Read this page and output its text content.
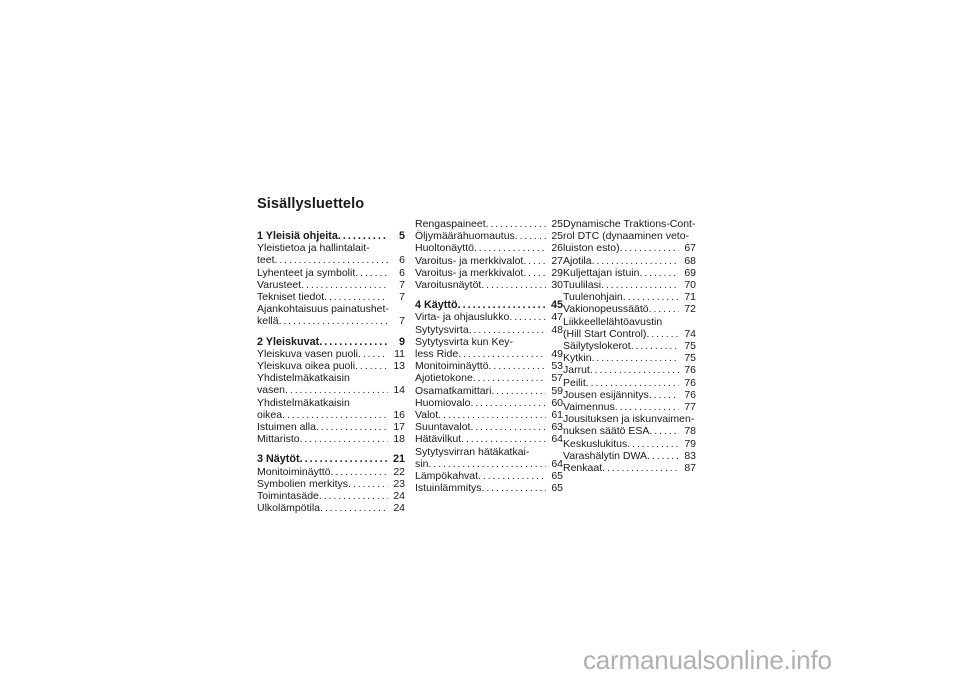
Sisällysluettelo
1 Yleisiä ohjeita . . .	5
Yleistietoa ja hallintalait-
teet . . .	6
Lyhenteet ja symbolit . . .	6
Varusteet . . .	7
Tekniset tiedot . . .	7
Ajankohtaisuus painatushet-
kellä . . .	7
2 Yleiskuvat . . .	9
Yleiskuva vasen puoli . . .	11
Yleiskuva oikea puoli . . .	13
Yhdistelmäkatkaisin
vasen . . .	14
Yhdistelmäkatkaisin
oikea . . .	16
Istuimen alla . . .	17
Mittaristo . . .	18
3 Näytöt . . .	21
Monitoiminäyttö . . .	22
Symbolien merkitys . . .	23
Toimintasäde . . .	24
Ulkolämpötila . . .	24
Rengaspaineet . . .	25
Öljymäärähuomautus . . .	25
Huoltonäyttö . . .	26
Varoitus- ja merkkivalot . . .	27
Varoitus- ja merkkivalot . . .	29
Varoitusnäytöt . . .	30
4 Käyttö . . .	45
Virta- ja ohjauslukko . . .	47
Sytytysvirta . . .	48
Sytytysvirta kun Key-
less Ride . . .	49
Monitoiminäyttö . . .	53
Ajotietokone . . .	57
Osamatkamittari . . .	59
Huomiovalo . . .	60
Valot . . .	61
Suuntavalot . . .	63
Hätävilkut . . .	64
Sytytysvirran hätäkatkai-
sin . . .	64
Lämpökahvat . . .	65
Istuinlämmitys . . .	65
Dynamische Traktions-Cont-
rol DTC (dynaaminen veto-
luiston esto) . . .	67
Ajotila . . .	68
Kuljettajan istuin . . .	69
Tuulilasi . . .	70
Tuulenohjain . . .	71
Vakionopeussäätö . . .	72
Liikkeellelähtöavustin
(Hill Start Control) . . .	74
Säilytyslokerot . . .	75
Kytkin . . .	75
Jarrut . . .	76
Peilit . . .	76
Jousen esijännitys . . .	76
Vaimennus . . .	77
Jousituksen ja iskunvaimen-
nuksen säätö ESA . . .	78
Keskuslukitus . . .	79
Varashälytin DWA . . .	83
Renkaat . . .	87
carmanualsonline.info
